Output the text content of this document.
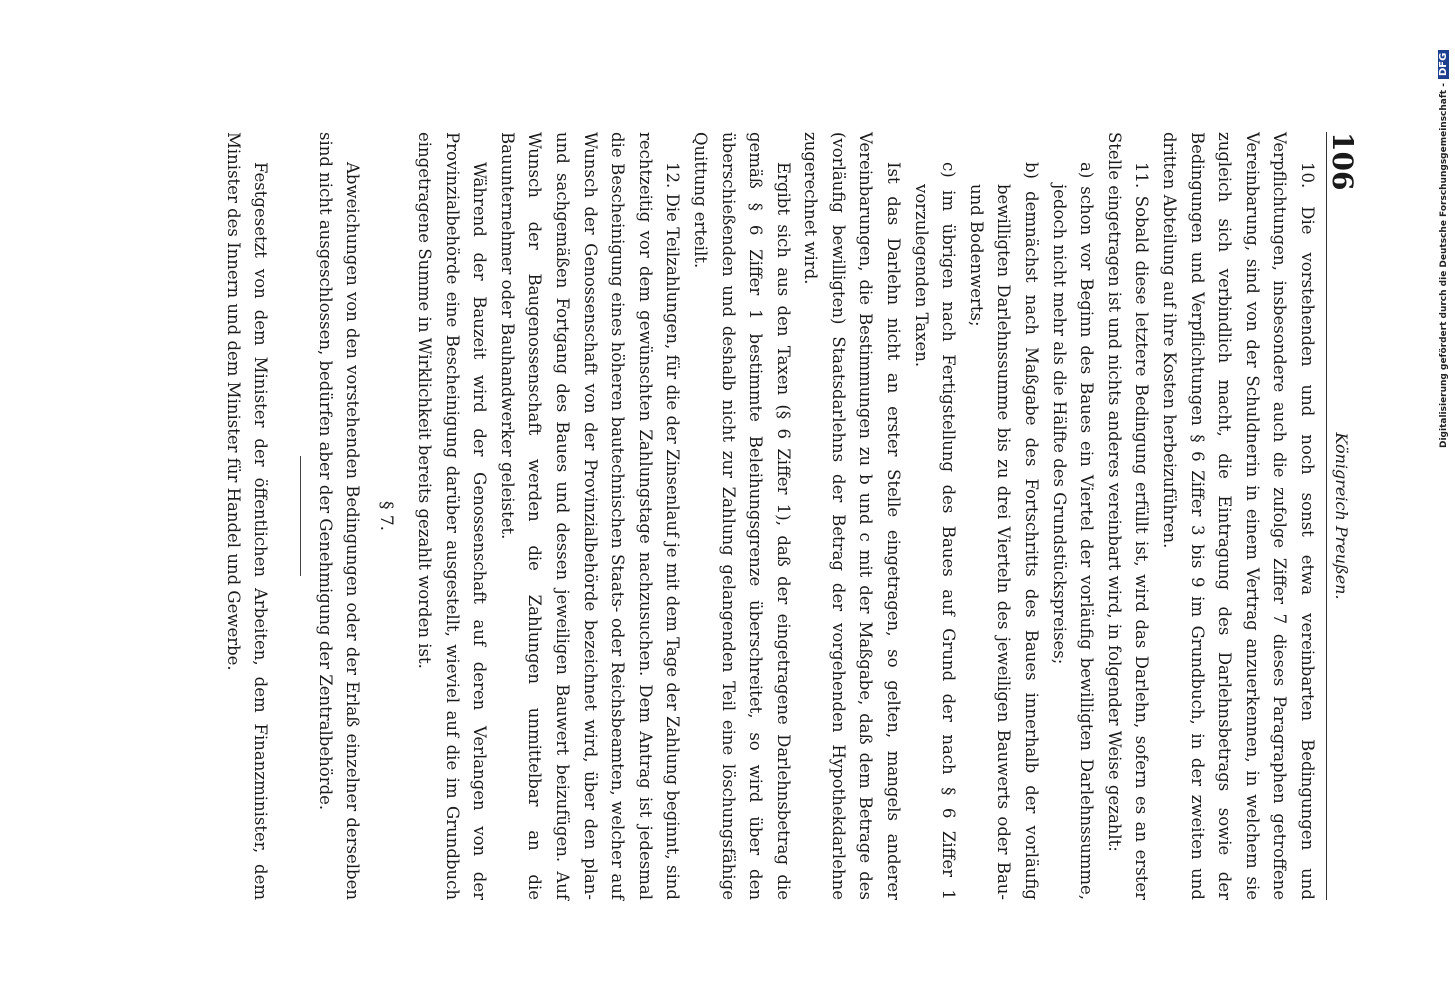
106
Königreich Preußen.

10. Die vorstehenden und noch sonst etwa vereinbarten Bedingungen und Verpflichtungen, insbesondere auch die zufolge Ziffer 7 dieses Paragraphen getroffene Vereinbarung, sind von der Schuldnerin in einem Vertrag anzuerkennen, in welchem sie zugleich sich verbindlich macht, die Eintragung des Darlehnsbetrags sowie der Bedingungen und Verpflichtungen § 6 Ziffer 3 bis 9 im Grundbuch, in der zweiten und dritten Abteilung auf ihre Kosten herbeizuführen.

11. Sobald diese letztere Bedingung erfüllt ist, wird das Darlehn, sofern es an erster Stelle eingetragen ist und nichts anderes vereinbart wird, in folgender Weise gezahlt:

a) schon vor Beginn des Baues ein Viertel der vorläufig bewilligten Darlehnssumme, jedoch nicht mehr als die Hälfte des Grundstückspreises;

b) demnächst nach Maßgabe des Fortschritts des Baues innerhalb der vorläufig bewilligten Darlehnssumme bis zu drei Vierteln des jeweiligen Bauwerts oder Bau- und Bodenwerts;

c) im übrigen nach Fertigstellung des Baues auf Grund der nach § 6 Ziffer 1 vorzulegenden Taxen.

Ist das Darlehn nicht an erster Stelle eingetragen, so gelten, mangels anderer Vereinbarungen, die Bestimmungen zu b und c mit der Maßgabe, daß dem Betrage des (vorläufig bewilligten) Staatsdarlehns der Betrag der vorgehenden Hypothekdarlehne zugerechnet wird.

Ergibt sich aus den Taxen (§ 6 Ziffer 1), daß der eingetragene Darlehnsbetrag die gemäß § 6 Ziffer 1 bestimmte Beleihungsgrenze überschreitet, so wird über den überschießenden und deshalb nicht zur Zahlung gelangenden Teil eine löschungsfähige Quittung erteilt.

12. Die Teilzahlungen, für die der Zinsenlauf je mit dem Tage der Zahlung beginnt, sind rechtzeitig vor dem gewünschten Zahlungstage nachzusuchen. Dem Antrag ist jedesmal die Bescheinigung eines höheren bautechnischen Staats- oder Reichsbeamten, welcher auf Wunsch der Genossenschaft von der Provinzialbehörde bezeichnet wird, über den plan- und sachgemäßen Fortgang des Baues und dessen jeweiligen Bauwert beizufügen. Auf Wunsch der Baugenossenschaft werden die Zahlungen unmittelbar an die Bauunternehmer oder Bauhandwerker geleistet.

Während der Bauzeit wird der Genossenschaft auf deren Verlangen von der Provinzialbehörde eine Bescheinigung darüber ausgestellt, wieviel auf die im Grundbuch eingetragene Summe in Wirklichkeit bereits gezahlt worden ist.

§ 7.

Abweichungen von den vorstehenden Bedingungen oder der Erlaß einzelner derselben sind nicht ausgeschlossen, bedürfen aber der Genehmigung der Zentralbehörde.

Festgesetzt von dem Minister der öffentlichen Arbeiten, dem Finanzminister, dem Minister des Innern und dem Minister für Handel und Gewerbe.	Digitalisierung gefördert durch die Deutsche Forschungsgemeinschaft -DFG
